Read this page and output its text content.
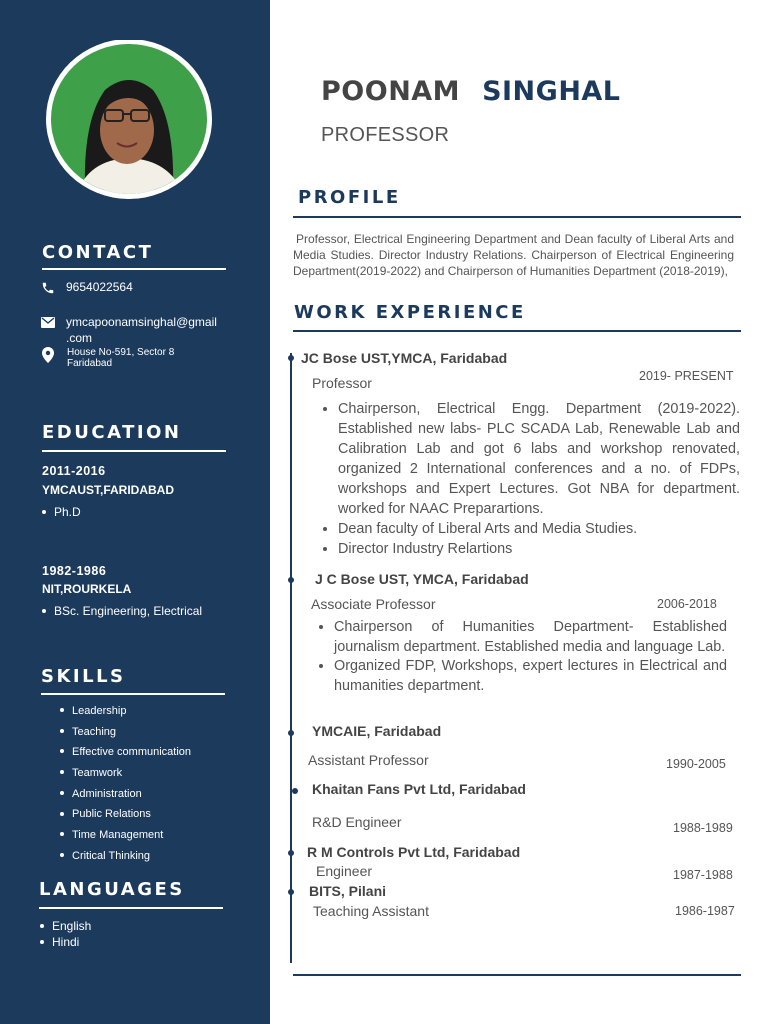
CONTACT
9654022564
ymcapoonamsinghal@gmail
.com
House No-591, Sector 8
Faridabad
EDUCATION
2011-2016
YMCAUST,FARIDABAD
Ph.D
1982-1986
NIT,ROURKELA
BSc. Engineering, Electrical
SKILLS
Leadership
Teaching
Effective communication
Teamwork
Administration
Public Relations
Time Management
Critical Thinking
LANGUAGES
English
Hindi
POONAM SINGHAL
PROFESSOR
PROFILE
Professor, Electrical Engineering Department and Dean faculty of Liberal Arts and Media Studies. Director Industry Relations. Chairperson of Electrical Engineering Department(2019-2022) and Chairperson of Humanities Department (2018-2019),
WORK EXPERIENCE
JC Bose UST,YMCA, Faridabad
Professor	2019- PRESENT
• Chairperson, Electrical Engg. Department (2019-2022). Established new labs- PLC SCADA Lab, Renewable Lab and Calibration Lab and got 6 labs and workshop renovated, organized 2 International conferences and a no. of FDPs, workshops and Expert Lectures. Got NBA for department. worked for NAAC Preparartions.
• Dean faculty of Liberal Arts and Media Studies.
• Director Industry Relartions
J C Bose UST, YMCA, Faridabad
Associate Professor	2006-2018
• Chairperson of Humanities Department- Established journalism department. Established media and language Lab.
• Organized FDP, Workshops, expert lectures in Electrical and humanities department.
YMCAIE, Faridabad
Assistant Professor	1990-2005
Khaitan Fans Pvt Ltd, Faridabad
R&D Engineer	1988-1989
R M Controls Pvt Ltd, Faridabad
Engineer	1987-1988
BITS, Pilani
Teaching Assistant	1986-1987
